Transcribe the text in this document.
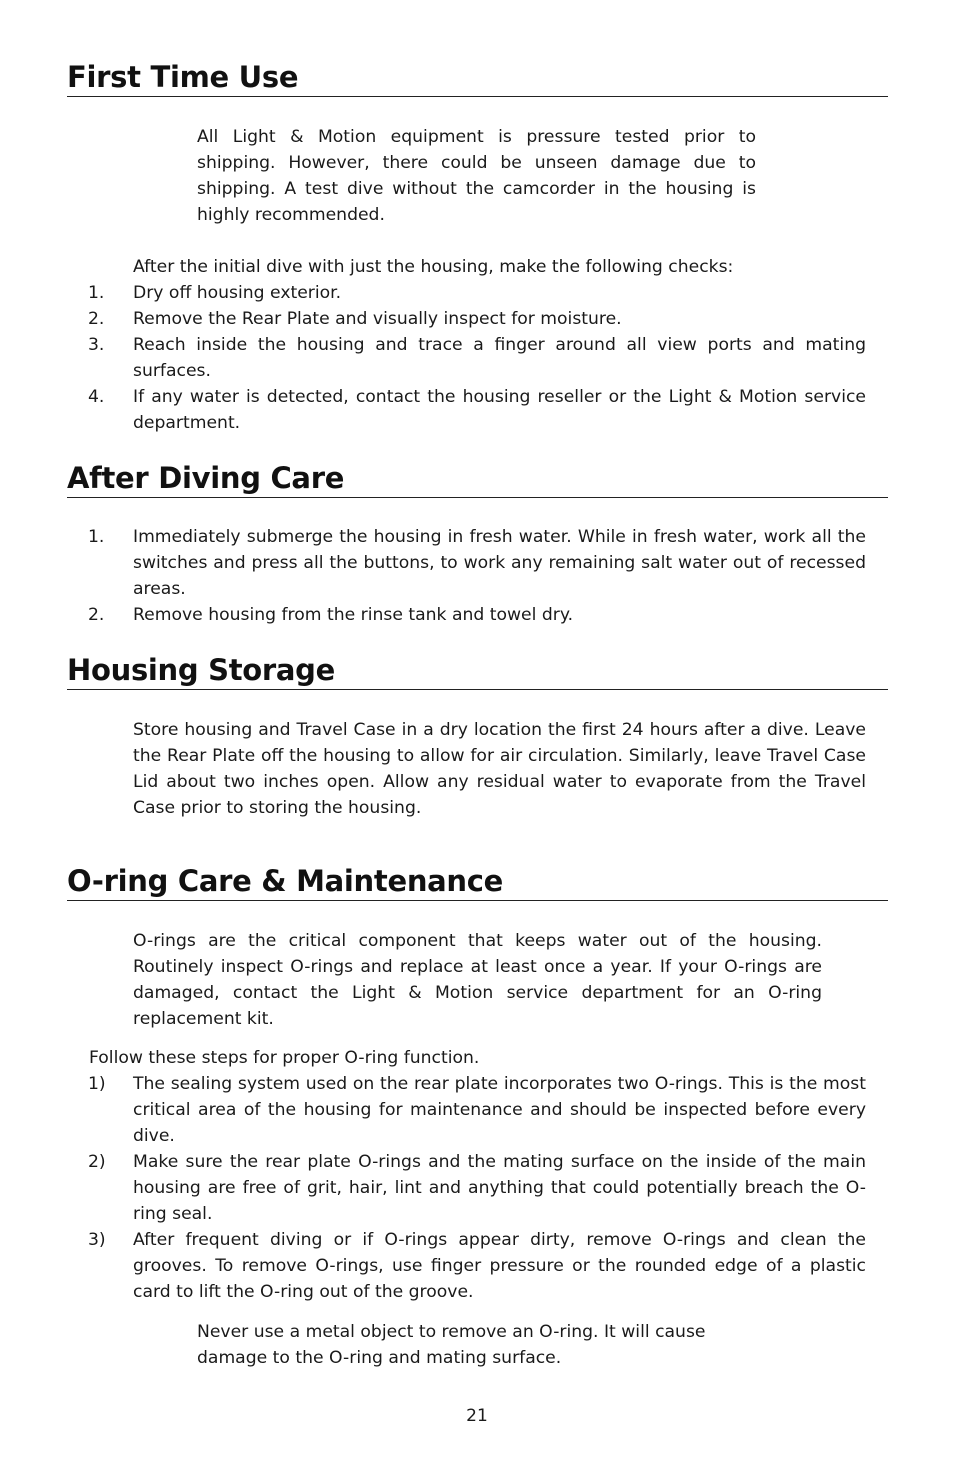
First Time Use

All Light & Motion equipment is pressure tested prior to shipping. However, there could be unseen damage due to shipping. A test dive without the camcorder in the housing is highly recommended.

After the initial dive with just the housing, make the following checks:

1.	Dry off housing exterior.
2.	Remove the Rear Plate and visually inspect for moisture.
3.	Reach inside the housing and trace a finger around all view ports and mating surfaces.
4.	If any water is detected, contact the housing reseller or the Light & Motion service department.
After Diving Care
1.	Immediately submerge the housing in fresh water. While in fresh water, work all the switches and press all the buttons, to work any remaining salt water out of recessed areas.
2.	Remove housing from the rinse tank and towel dry.
Housing Storage

Store housing and Travel Case in a dry location the first 24 hours after a dive. Leave the Rear Plate off the housing to allow for air circulation. Similarly, leave Travel Case Lid about two inches open. Allow any residual water to evaporate from the Travel Case prior to storing the housing.

O-ring Care & Maintenance

O-rings are the critical component that keeps water out of the housing. Routinely inspect O-rings and replace at least once a year. If your O-rings are damaged, contact the Light & Motion service department for an O-ring replacement kit.

Follow these steps for proper O-ring function.

1)	The sealing system used on the rear plate incorporates two O-rings. This is the most critical area of the housing for maintenance and should be inspected before every dive.
2)	Make sure the rear plate O-rings and the mating surface on the inside of the main housing are free of grit, hair, lint and anything that could potentially breach the O-ring seal.
3)	After frequent diving or if O-rings appear dirty, remove O-rings and clean the grooves. To remove O-rings, use finger pressure or the rounded edge of a plastic card to lift the O-ring out of the groove.

Never use a metal object to remove an O-ring. It will cause damage to the O-ring and mating surface.

21
